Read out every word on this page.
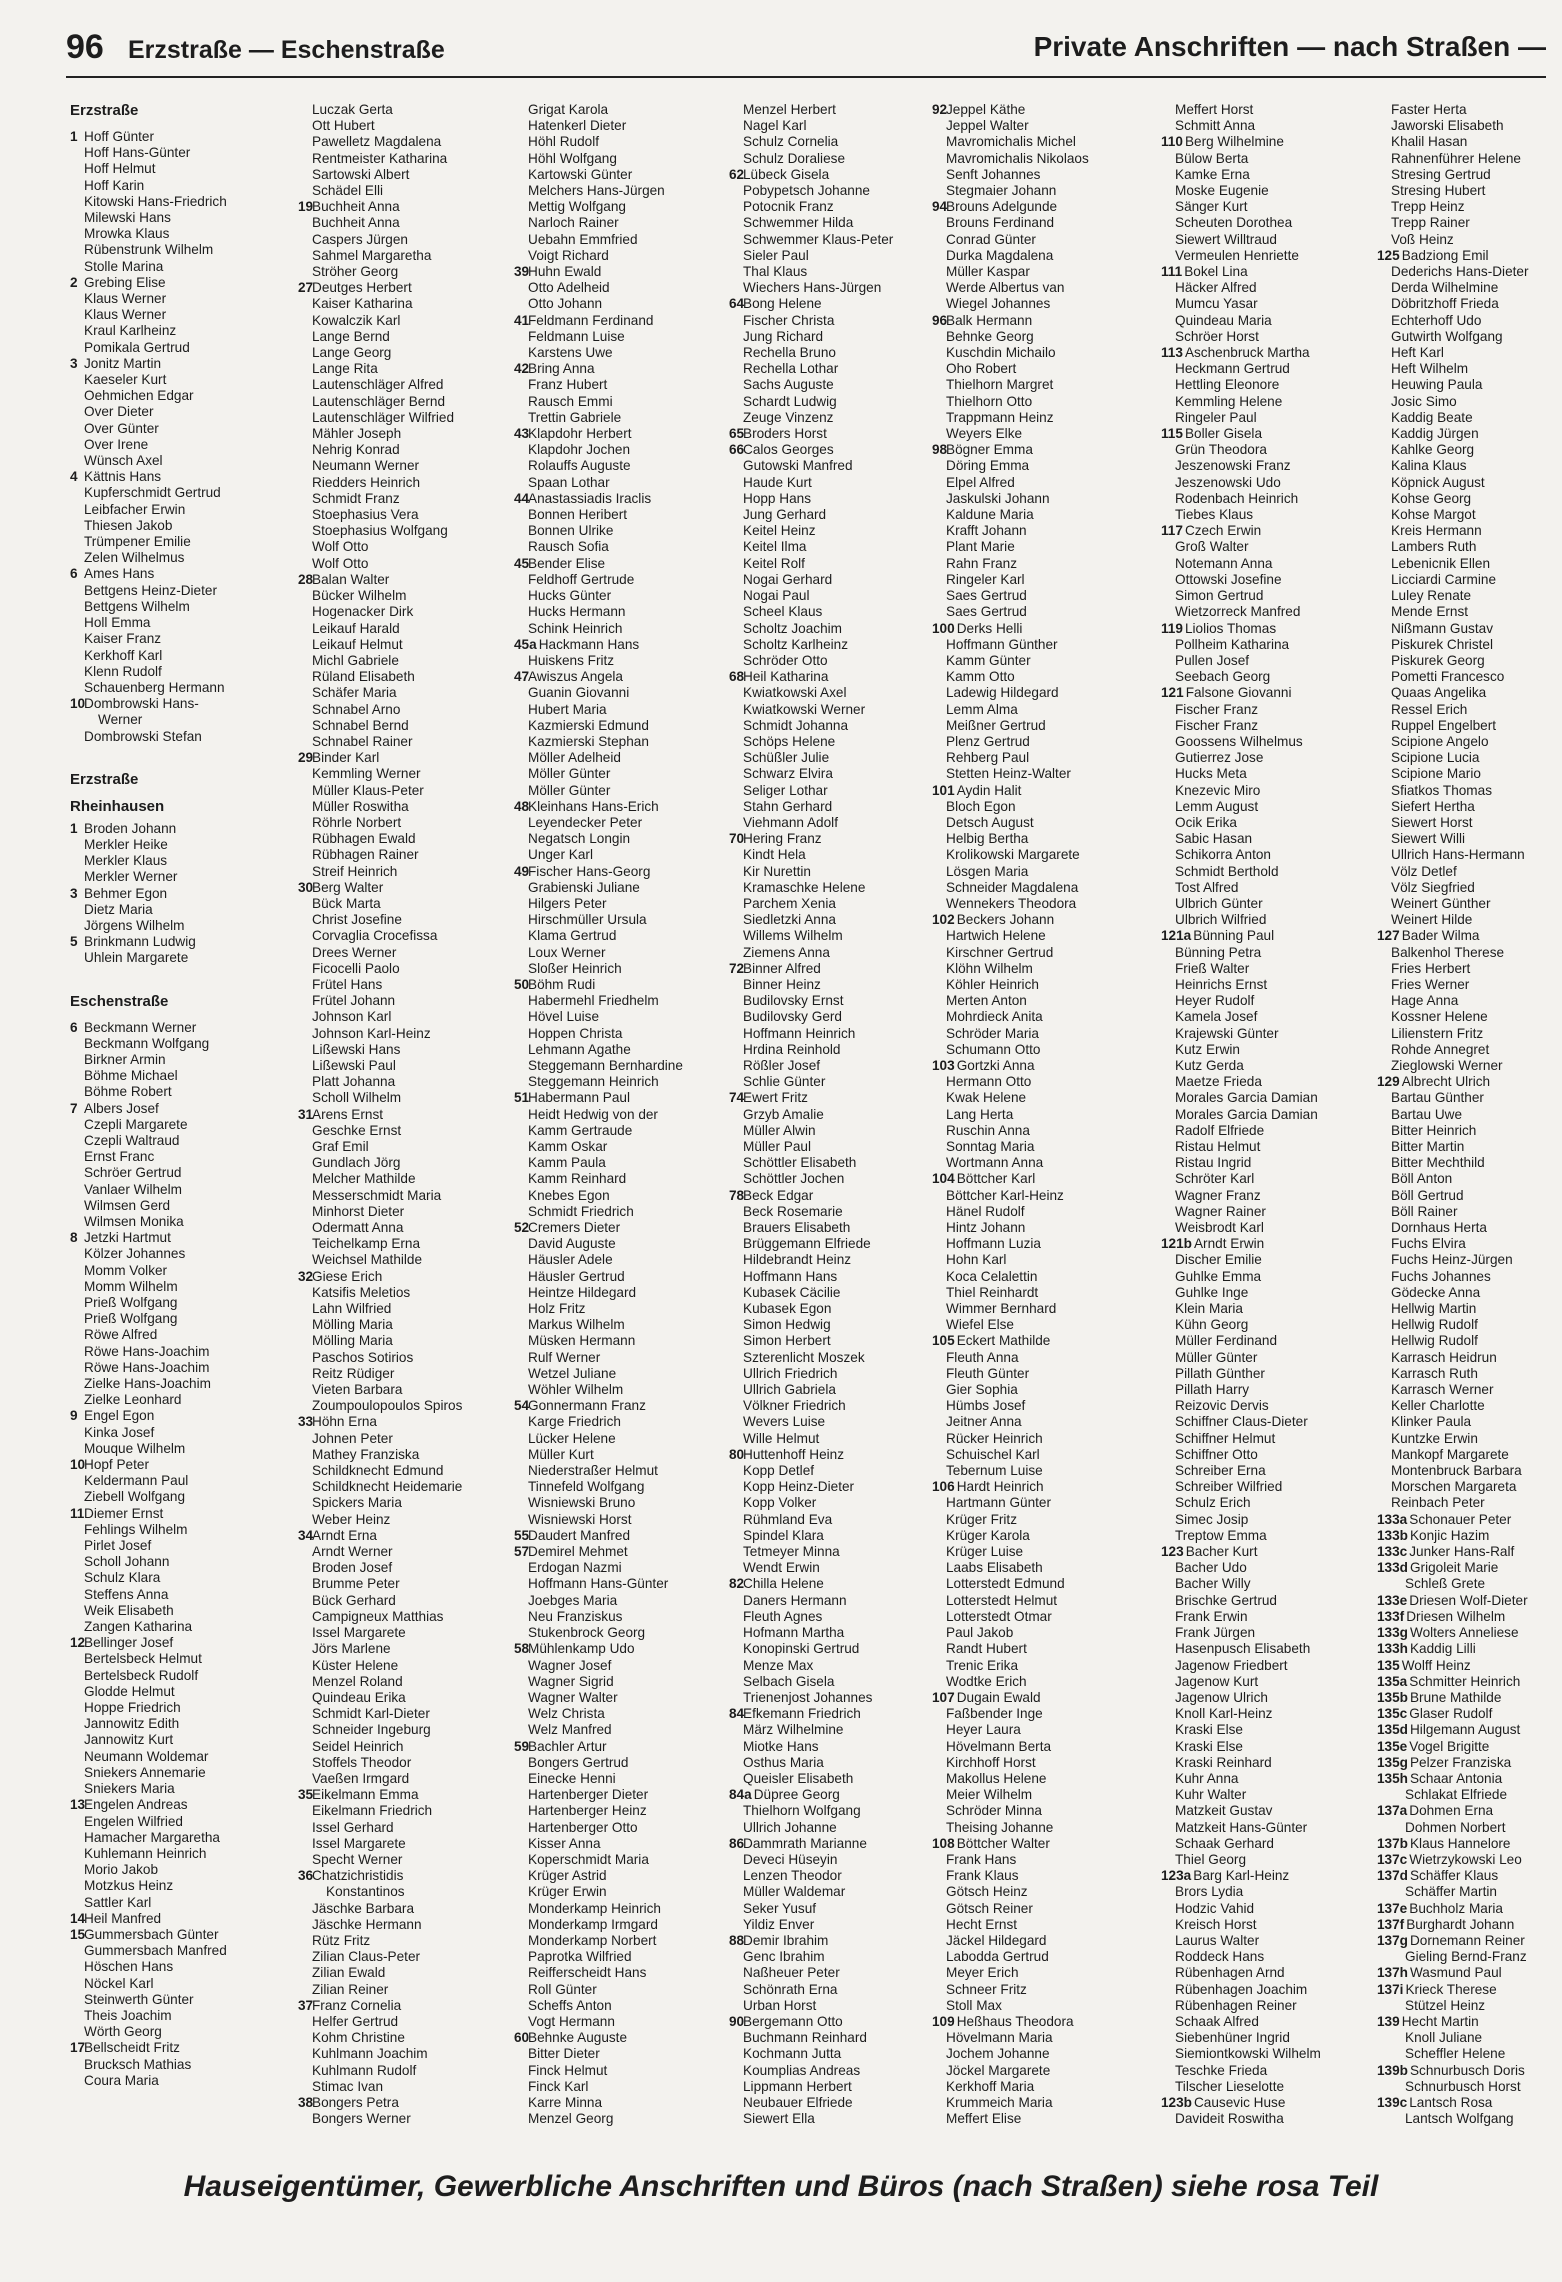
96 Erzstraße — Eschenstraße	Private Anschriften — nach Straßen —
Erzstraße
1Hoff Günter
Hoff Hans-Günter
Hoff Helmut
Hoff Karin
Kitowski Hans-Friedrich
Milewski Hans
Mrowka Klaus
Rübenstrunk Wilhelm
Stolle Marina
2Grebing Elise
Klaus Werner
Klaus Werner
Kraul Karlheinz
Pomikala Gertrud
3Jonitz Martin
Kaeseler Kurt
Oehmichen Edgar
Over Dieter
Over Günter
Over Irene
Wünsch Axel
4Kättnis Hans
Kupferschmidt Gertrud
Leibfacher Erwin
Thiesen Jakob
Trümpener Emilie
Zelen Wilhelmus
6Ames Hans
Bettgens Heinz-Dieter
Bettgens Wilhelm
Holl Emma
Kaiser Franz
Kerkhoff Karl
Klenn Rudolf
Schauenberg Hermann
10Dombrowski Hans-
Werner
Dombrowski Stefan
Erzstraße
Rheinhausen
1Broden Johann
Merkler Heike
Merkler Klaus
Merkler Werner
3Behmer Egon
Dietz Maria
Jörgens Wilhelm
5Brinkmann Ludwig
Uhlein Margarete
Eschenstraße
6Beckmann Werner
Beckmann Wolfgang
Birkner Armin
Böhme Michael
Böhme Robert
7Albers Josef
Czepli Margarete
Czepli Waltraud
Ernst Franc
Schröer Gertrud
Vanlaer Wilhelm
Wilmsen Gerd
Wilmsen Monika
8Jetzki Hartmut
Kölzer Johannes
Momm Volker
Momm Wilhelm
Prieß Wolfgang
Prieß Wolfgang
Röwe Alfred
Röwe Hans-Joachim
Röwe Hans-Joachim
Zielke Hans-Joachim
Zielke Leonhard
9Engel Egon
Kinka Josef
Mouque Wilhelm
10Hopf Peter
Keldermann Paul
Ziebell Wolfgang
11Diemer Ernst
Fehlings Wilhelm
Pirlet Josef
Scholl Johann
Schulz Klara
Steffens Anna
Weik Elisabeth
Zangen Katharina
12Bellinger Josef
Bertelsbeck Helmut
Bertelsbeck Rudolf
Glodde Helmut
Hoppe Friedrich
Jannowitz Edith
Jannowitz Kurt
Neumann Woldemar
Sniekers Annemarie
Sniekers Maria
13Engelen Andreas
Engelen Wilfried
Hamacher Margaretha
Kuhlemann Heinrich
Morio Jakob
Motzkus Heinz
Sattler Karl
14Heil Manfred
15Gummersbach Günter
Gummersbach Manfred
Höschen Hans
Nöckel Karl
Steinwerth Günter
Theis Joachim
Wörth Georg
17Bellscheidt Fritz
Brucksch Mathias
Coura Maria
Luczak Gerta
Ott Hubert
Pawelletz Magdalena
Rentmeister Katharina
Sartowski Albert
Schädel Elli
19Buchheit Anna
Buchheit Anna
Caspers Jürgen
Sahmel Margaretha
Ströher Georg
27Deutges Herbert
Kaiser Katharina
Kowalczik Karl
Lange Bernd
Lange Georg
Lange Rita
Lautenschläger Alfred
Lautenschläger Bernd
Lautenschläger Wilfried
Mähler Joseph
Nehrig Konrad
Neumann Werner
Riedders Heinrich
Schmidt Franz
Stoephasius Vera
Stoephasius Wolfgang
Wolf Otto
Wolf Otto
28Balan Walter
Bücker Wilhelm
Hogenacker Dirk
Leikauf Harald
Leikauf Helmut
Michl Gabriele
Rüland Elisabeth
Schäfer Maria
Schnabel Arno
Schnabel Bernd
Schnabel Rainer
29Binder Karl
Kemmling Werner
Müller Klaus-Peter
Müller Roswitha
Röhrle Norbert
Rübhagen Ewald
Rübhagen Rainer
Streif Heinrich
30Berg Walter
Bück Marta
Christ Josefine
Corvaglia Crocefissa
Drees Werner
Ficocelli Paolo
Frütel Hans
Frütel Johann
Johnson Karl
Johnson Karl-Heinz
Lißewski Hans
Lißewski Paul
Platt Johanna
Scholl Wilhelm
31Arens Ernst
Geschke Ernst
Graf Emil
Gundlach Jörg
Melcher Mathilde
Messerschmidt Maria
Minhorst Dieter
Odermatt Anna
Teichelkamp Erna
Weichsel Mathilde
32Giese Erich
Katsifis Meletios
Lahn Wilfried
Mölling Maria
Mölling Maria
Paschos Sotirios
Reitz Rüdiger
Vieten Barbara
Zoumpoulopoulos Spiros
33Höhn Erna
Johnen Peter
Mathey Franziska
Schildknecht Edmund
Schildknecht Heidemarie
Spickers Maria
Weber Heinz
34Arndt Erna
Arndt Werner
Broden Josef
Brumme Peter
Bück Gerhard
Campigneux Matthias
Issel Margarete
Jörs Marlene
Küster Helene
Menzel Roland
Quindeau Erika
Schmidt Karl-Dieter
Schneider Ingeburg
Seidel Heinrich
Stoffels Theodor
Vaeßen Irmgard
35Eikelmann Emma
Eikelmann Friedrich
Issel Gerhard
Issel Margarete
Specht Werner
36Chatzichristidis
Konstantinos
Jäschke Barbara
Jäschke Hermann
Rütz Fritz
Zilian Claus-Peter
Zilian Ewald
Zilian Reiner
37Franz Cornelia
Helfer Gertrud
Kohm Christine
Kuhlmann Joachim
Kuhlmann Rudolf
Stimac Ivan
38Bongers Petra
Bongers Werner
Grigat Karola
Hatenkerl Dieter
Höhl Rudolf
Höhl Wolfgang
Kartowski Günter
Melchers Hans-Jürgen
Mettig Wolfgang
Narloch Rainer
Uebahn Emmfried
Voigt Richard
39Huhn Ewald
Otto Adelheid
Otto Johann
41Feldmann Ferdinand
Feldmann Luise
Karstens Uwe
42Bring Anna
Franz Hubert
Rausch Emmi
Trettin Gabriele
43Klapdohr Herbert
Klapdohr Jochen
Rolauffs Auguste
Spaan Lothar
44Anastassiadis Iraclis
Bonnen Heribert
Bonnen Ulrike
Rausch Sofia
45Bender Elise
Feldhoff Gertrude
Hucks Günter
Hucks Hermann
Schink Heinrich
45aHackmann Hans
Huiskens Fritz
47Awiszus Angela
Guanin Giovanni
Hubert Maria
Kazmierski Edmund
Kazmierski Stephan
Möller Adelheid
Möller Günter
Möller Günter
48Kleinhans Hans-Erich
Leyendecker Peter
Negatsch Longin
Unger Karl
49Fischer Hans-Georg
Grabienski Juliane
Hilgers Peter
Hirschmüller Ursula
Klama Gertrud
Loux Werner
Sloßer Heinrich
50Böhm Rudi
Habermehl Friedhelm
Hövel Luise
Hoppen Christa
Lehmann Agathe
Steggemann Bernhardine
Steggemann Heinrich
51Habermann Paul
Heidt Hedwig von der
Kamm Gertraude
Kamm Oskar
Kamm Paula
Kamm Reinhard
Knebes Egon
Schmidt Friedrich
52Cremers Dieter
David Auguste
Häusler Adele
Häusler Gertrud
Heintze Hildegard
Holz Fritz
Markus Wilhelm
Müsken Hermann
Rulf Werner
Wetzel Juliane
Wöhler Wilhelm
54Gonnermann Franz
Karge Friedrich
Lücker Helene
Müller Kurt
Niederstraßer Helmut
Tinnefeld Wolfgang
Wisniewski Bruno
Wisniewski Horst
55Daudert Manfred
57Demirel Mehmet
Erdogan Nazmi
Hoffmann Hans-Günter
Joebges Maria
Neu Franziskus
Stukenbrock Georg
58Mühlenkamp Udo
Wagner Josef
Wagner Sigrid
Wagner Walter
Welz Christa
Welz Manfred
59Bachler Artur
Bongers Gertrud
Einecke Henni
Hartenberger Dieter
Hartenberger Heinz
Hartenberger Otto
Kisser Anna
Koperschmidt Maria
Krüger Astrid
Krüger Erwin
Monderkamp Heinrich
Monderkamp Irmgard
Monderkamp Norbert
Paprotka Wilfried
Reifferscheidt Hans
Roll Günter
Scheffs Anton
Vogt Hermann
60Behnke Auguste
Bitter Dieter
Finck Helmut
Finck Karl
Karre Minna
Menzel Georg
Menzel Herbert
Nagel Karl
Schulz Cornelia
Schulz Doraliese
62Lübeck Gisela
Pobypetsch Johanne
Potocnik Franz
Schwemmer Hilda
Schwemmer Klaus-Peter
Sieler Paul
Thal Klaus
Wiechers Hans-Jürgen
64Bong Helene
Fischer Christa
Jung Richard
Rechella Bruno
Rechella Lothar
Sachs Auguste
Schardt Ludwig
Zeuge Vinzenz
65Broders Horst
66Calos Georges
Gutowski Manfred
Haude Kurt
Hopp Hans
Jung Gerhard
Keitel Heinz
Keitel Ilma
Keitel Rolf
Nogai Gerhard
Nogai Paul
Scheel Klaus
Scholtz Joachim
Scholtz Karlheinz
Schröder Otto
68Heil Katharina
Kwiatkowski Axel
Kwiatkowski Werner
Schmidt Johanna
Schöps Helene
Schüßler Julie
Schwarz Elvira
Seliger Lothar
Stahn Gerhard
Viehmann Adolf
70Hering Franz
Kindt Hela
Kir Nurettin
Kramaschke Helene
Parchem Xenia
Siedletzki Anna
Willems Wilhelm
Ziemens Anna
72Binner Alfred
Binner Heinz
Budilovsky Ernst
Budilovsky Gerd
Hoffmann Heinrich
Hrdina Reinhold
Rößler Josef
Schlie Günter
74Ewert Fritz
Grzyb Amalie
Müller Alwin
Müller Paul
Schöttler Elisabeth
Schöttler Jochen
78Beck Edgar
Beck Rosemarie
Brauers Elisabeth
Brüggemann Elfriede
Hildebrandt Heinz
Hoffmann Hans
Kubasek Cäcilie
Kubasek Egon
Simon Hedwig
Simon Herbert
Szterenlicht Moszek
Ullrich Friedrich
Ullrich Gabriela
Völkner Friedrich
Wevers Luise
Wille Helmut
80Huttenhoff Heinz
Kopp Detlef
Kopp Heinz-Dieter
Kopp Volker
Rühmland Eva
Spindel Klara
Tetmeyer Minna
Wendt Erwin
82Chilla Helene
Daners Hermann
Fleuth Agnes
Hofmann Martha
Konopinski Gertrud
Menze Max
Selbach Gisela
Trienenjost Johannes
84Efkemann Friedrich
März Wilhelmine
Miotke Hans
Osthus Maria
Queisler Elisabeth
84aDüpree Georg
Thielhorn Wolfgang
Ullrich Johanne
86Dammrath Marianne
Deveci Hüseyin
Lenzen Theodor
Müller Waldemar
Seker Yusuf
Yildiz Enver
88Demir Ibrahim
Genc Ibrahim
Naßheuer Peter
Schönrath Erna
Urban Horst
90Bergemann Otto
Buchmann Reinhard
Kochmann Jutta
Koumplias Andreas
Lippmann Herbert
Neubauer Elfriede
Siewert Ella
92Jeppel Käthe
Jeppel Walter
Mavromichalis Michel
Mavromichalis Nikolaos
Senft Johannes
Stegmaier Johann
94Brouns Adelgunde
Brouns Ferdinand
Conrad Günter
Durka Magdalena
Müller Kaspar
Werde Albertus van
Wiegel Johannes
96Balk Hermann
Behnke Georg
Kuschdin Michailo
Oho Robert
Thielhorn Margret
Thielhorn Otto
Trappmann Heinz
Weyers Elke
98Bögner Emma
Döring Emma
Elpel Alfred
Jaskulski Johann
Kaldune Maria
Krafft Johann
Plant Marie
Rahn Franz
Ringeler Karl
Saes Gertrud
Saes Gertrud
100Derks Helli
Hoffmann Günther
Kamm Günter
Kamm Otto
Ladewig Hildegard
Lemm Alma
Meißner Gertrud
Plenz Gertrud
Rehberg Paul
Stetten Heinz-Walter
101Aydin Halit
Bloch Egon
Detsch August
Helbig Bertha
Krolikowski Margarete
Lösgen Maria
Schneider Magdalena
Wennekers Theodora
102Beckers Johann
Hartwich Helene
Kirschner Gertrud
Klöhn Wilhelm
Köhler Heinrich
Merten Anton
Mohrdieck Anita
Schröder Maria
Schumann Otto
103Gortzki Anna
Hermann Otto
Kwak Helene
Lang Herta
Ruschin Anna
Sonntag Maria
Wortmann Anna
104Böttcher Karl
Böttcher Karl-Heinz
Hänel Rudolf
Hintz Johann
Hoffmann Luzia
Hohn Karl
Koca Celalettin
Thiel Reinhardt
Wimmer Bernhard
Wiefel Else
105Eckert Mathilde
Fleuth Anna
Fleuth Günter
Gier Sophia
Hümbs Josef
Jeitner Anna
Rücker Heinrich
Schuischel Karl
Tebernum Luise
106Hardt Heinrich
Hartmann Günter
Krüger Fritz
Krüger Karola
Krüger Luise
Laabs Elisabeth
Lotterstedt Edmund
Lotterstedt Helmut
Lotterstedt Otmar
Paul Jakob
Randt Hubert
Trenic Erika
Wodtke Erich
107Dugain Ewald
Faßbender Inge
Heyer Laura
Hövelmann Berta
Kirchhoff Horst
Makollus Helene
Meier Wilhelm
Schröder Minna
Theising Johanne
108Böttcher Walter
Frank Hans
Frank Klaus
Götsch Heinz
Götsch Reiner
Hecht Ernst
Jäckel Hildegard
Labodda Gertrud
Meyer Erich
Schneer Fritz
Stoll Max
109Heßhaus Theodora
Hövelmann Maria
Jochem Johanne
Jöckel Margarete
Kerkhoff Maria
Krummeich Maria
Meffert Elise
Meffert Horst
Schmitt Anna
110Berg Wilhelmine
Bülow Berta
Kamke Erna
Moske Eugenie
Sänger Kurt
Scheuten Dorothea
Siewert Willtraud
Vermeulen Henriette
111Bokel Lina
Häcker Alfred
Mumcu Yasar
Quindeau Maria
Schröer Horst
113Aschenbruck Martha
Heckmann Gertrud
Hettling Eleonore
Kemmling Helene
Ringeler Paul
115Boller Gisela
Grün Theodora
Jeszenowski Franz
Jeszenowski Udo
Rodenbach Heinrich
Tiebes Klaus
117Czech Erwin
Groß Walter
Notemann Anna
Ottowski Josefine
Simon Gertrud
Wietzorreck Manfred
119Liolios Thomas
Pollheim Katharina
Pullen Josef
Seebach Georg
121Falsone Giovanni
Fischer Franz
Fischer Franz
Goossens Wilhelmus
Gutierrez Jose
Hucks Meta
Knezevic Miro
Lemm August
Ocik Erika
Sabic Hasan
Schikorra Anton
Schmidt Berthold
Tost Alfred
Ulbrich Günter
Ulbrich Wilfried
121aBünning Paul
Bünning Petra
Frieß Walter
Heinrichs Ernst
Heyer Rudolf
Kamela Josef
Krajewski Günter
Kutz Erwin
Kutz Gerda
Maetze Frieda
Morales Garcia Damian
Morales Garcia Damian
Radolf Elfriede
Ristau Helmut
Ristau Ingrid
Schröter Karl
Wagner Franz
Wagner Rainer
Weisbrodt Karl
121bArndt Erwin
Discher Emilie
Guhlke Emma
Guhlke Inge
Klein Maria
Kühn Georg
Müller Ferdinand
Müller Günter
Pillath Günther
Pillath Harry
Reizovic Dervis
Schiffner Claus-Dieter
Schiffner Helmut
Schiffner Otto
Schreiber Erna
Schreiber Wilfried
Schulz Erich
Simec Josip
Treptow Emma
123Bacher Kurt
Bacher Udo
Bacher Willy
Brischke Gertrud
Frank Erwin
Frank Jürgen
Hasenpusch Elisabeth
Jagenow Friedbert
Jagenow Kurt
Jagenow Ulrich
Knoll Karl-Heinz
Kraski Else
Kraski Else
Kraski Reinhard
Kuhr Anna
Kuhr Walter
Matzkeit Gustav
Matzkeit Hans-Günter
Schaak Gerhard
Thiel Georg
123aBarg Karl-Heinz
Brors Lydia
Hodzic Vahid
Kreisch Horst
Laurus Walter
Roddeck Hans
Rübenhagen Arnd
Rübenhagen Joachim
Rübenhagen Reiner
Schaak Alfred
Siebenhüner Ingrid
Siemiontkowski Wilhelm
Teschke Frieda
Tilscher Lieselotte
123bCausevic Huse
Davideit Roswitha
Faster Herta
Jaworski Elisabeth
Khalil Hasan
Rahnenführer Helene
Stresing Gertrud
Stresing Hubert
Trepp Heinz
Trepp Rainer
Voß Heinz
125Badziong Emil
Dederichs Hans-Dieter
Derda Wilhelmine
Döbritzhoff Frieda
Echterhoff Udo
Gutwirth Wolfgang
Heft Karl
Heft Wilhelm
Heuwing Paula
Josic Simo
Kaddig Beate
Kaddig Jürgen
Kahlke Georg
Kalina Klaus
Köpnick August
Kohse Georg
Kohse Margot
Kreis Hermann
Lambers Ruth
Lebenicnik Ellen
Licciardi Carmine
Luley Renate
Mende Ernst
Nißmann Gustav
Piskurek Christel
Piskurek Georg
Pometti Francesco
Quaas Angelika
Ressel Erich
Ruppel Engelbert
Scipione Angelo
Scipione Lucia
Scipione Mario
Sfiatkos Thomas
Siefert Hertha
Siewert Horst
Siewert Willi
Ullrich Hans-Hermann
Völz Detlef
Völz Siegfried
Weinert Günther
Weinert Hilde
127Bader Wilma
Balkenhol Therese
Fries Herbert
Fries Werner
Hage Anna
Kossner Helene
Lilienstern Fritz
Rohde Annegret
Zieglowski Werner
129Albrecht Ulrich
Bartau Günther
Bartau Uwe
Bitter Heinrich
Bitter Martin
Bitter Mechthild
Böll Anton
Böll Gertrud
Böll Rainer
Dornhaus Herta
Fuchs Elvira
Fuchs Heinz-Jürgen
Fuchs Johannes
Gödecke Anna
Hellwig Martin
Hellwig Rudolf
Hellwig Rudolf
Karrasch Heidrun
Karrasch Ruth
Karrasch Werner
Keller Charlotte
Klinker Paula
Kuntzke Erwin
Mankopf Margarete
Montenbruck Barbara
Morschen Margareta
Reinbach Peter
133aSchonauer Peter
133bKonjic Hazim
133cJunker Hans-Ralf
133dGrigoleit Marie
Schleß Grete
133eDriesen Wolf-Dieter
133fDriesen Wilhelm
133gWolters Anneliese
133hKaddig Lilli
135Wolff Heinz
135aSchmitter Heinrich
135bBrune Mathilde
135cGlaser Rudolf
135dHilgemann August
135eVogel Brigitte
135gPelzer Franziska
135hSchaar Antonia
Schlakat Elfriede
137aDohmen Erna
Dohmen Norbert
137bKlaus Hannelore
137cWietrzykowski Leo
137dSchäffer Klaus
Schäffer Martin
137eBuchholz Maria
137fBurghardt Johann
137gDornemann Reiner
Gieling Bernd-Franz
137hWasmund Paul
137iKrieck Therese
Stützel Heinz
139Hecht Martin
Knoll Juliane
Scheffler Helene
139bSchnurbusch Doris
Schnurbusch Horst
139cLantsch Rosa
Lantsch Wolfgang
Hauseigentümer, Gewerbliche Anschriften und Büros (nach Straßen) siehe rosa Teil
